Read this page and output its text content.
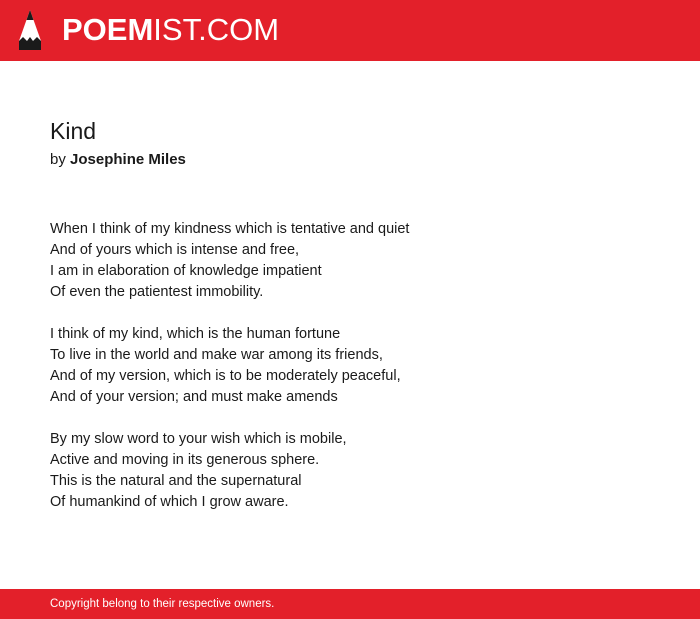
POEMIST.COM
Kind
by Josephine Miles
When I think of my kindness which is tentative and quiet
And of yours which is intense and free,
I am in elaboration of knowledge impatient
Of even the patientest immobility.
I think of my kind, which is the human fortune
To live in the world and make war among its friends,
And of my version, which is to be moderately peaceful,
And of your version; and must make amends
By my slow word to your wish which is mobile,
Active and moving in its generous sphere.
This is the natural and the supernatural
Of humankind of which I grow aware.
Copyright belong to their respective owners.
